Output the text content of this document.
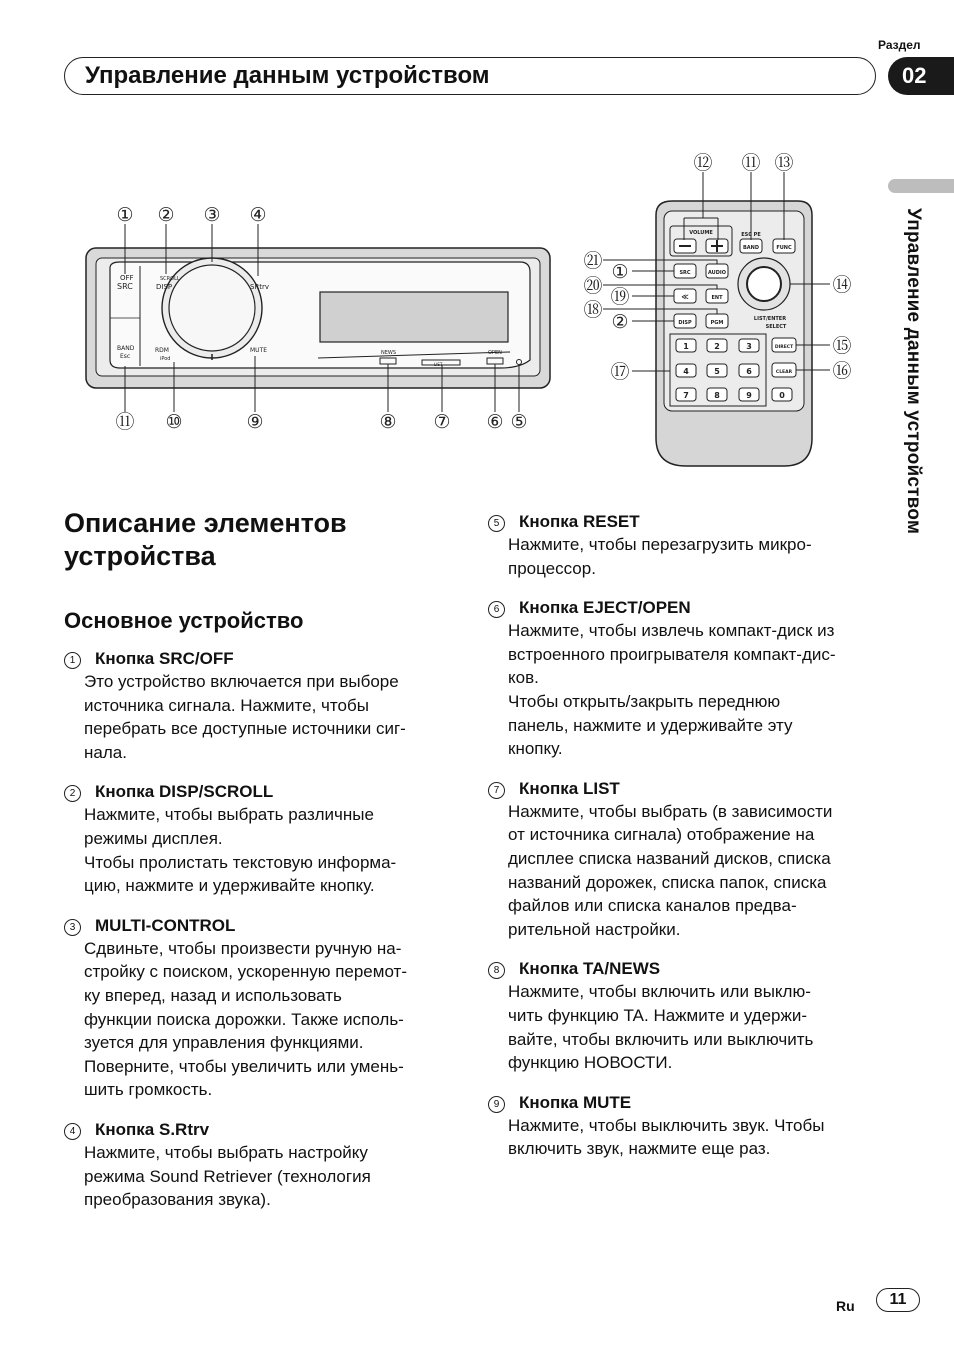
Раздел
02
Управление данным устройством
Управление данным устройством
OFF
SRC
SCROLL
DISP	SRtrv
BAND
Esc
RDM
iPod
MUTE	NEWS
LIST
OPEN
① ② ③ ④
⑪ ⑩	⑨	⑧ ⑦ ⑥ ⑤
1	2	3
4	5	6
7	8	9	0
VOLUME	ESC PE
BAND	FUNC
SRC	AUDIO
≪	ENT
DISP	PGM
LIST/ENTER
SELECT
DIRECT
CLEAR
⑫ ⑪ ⑬
㉑ ①
⑳ ⑲
⑱
②
⑰
⑭
⑮
⑯
Описание элементов устройства
Основное устройство
1	Кнопка SRC/OFF
Это устройство включается при выборе
источника сигнала. Нажмите, чтобы
перебрать все доступные источники сиг-
нала.
2	Кнопка DISP/SCROLL
Нажмите, чтобы выбрать различные
режимы дисплея.
Чтобы пролистать текстовую информа-
цию, нажмите и удерживайте кнопку.
3	MULTI-CONTROL
Сдвиньте, чтобы произвести ручную на-
стройку с поиском, ускоренную перемот-
ку вперед, назад и использовать
функции поиска дорожки. Также исполь-
зуется для управления функциями.
Поверните, чтобы увеличить или умень-
шить громкость.
4	Кнопка S.Rtrv
Нажмите, чтобы выбрать настройку
режима Sound Retriever (технология
преобразования звука).
5	Кнопка RESET
Нажмите, чтобы перезагрузить микро-
процессор.
6	Кнопка EJECT/OPEN
Нажмите, чтобы извлечь компакт-диск из
встроенного проигрывателя компакт-дис-
ков.
Чтобы открыть/закрыть переднюю
панель, нажмите и удерживайте эту
кнопку.
7	Кнопка LIST
Нажмите, чтобы выбрать (в зависимости
от источника сигнала) отображение на
дисплее списка названий дисков, списка
названий дорожек, списка папок, списка
файлов или списка каналов предва-
рительной настройки.
8	Кнопка TA/NEWS
Нажмите, чтобы включить или выклю-
чить функцию TA. Нажмите и удержи-
вайте, чтобы включить или выключить
функцию НОВОСТИ.
9	Кнопка MUTE
Нажмите, чтобы выключить звук. Чтобы
включить звук, нажмите еще раз.
Ru	11
